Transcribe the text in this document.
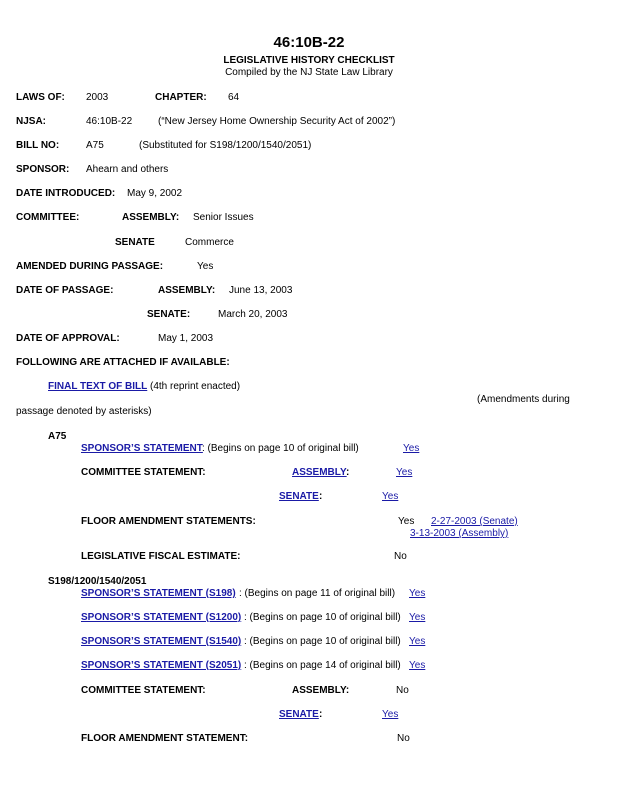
46:10B-22
LEGISLATIVE HISTORY CHECKLIST
Compiled by the NJ State Law Library
LAWS OF: 2003	CHAPTER: 64
NJSA:	46:10B-22	(“New Jersey Home Ownership Security Act of 2002”)
BILL NO:	A75	(Substituted for S198/1200/1540/2051)
SPONSOR: Ahearn and others
DATE INTRODUCED: May 9, 2002
COMMITTEE:	ASSEMBLY: Senior Issues
SENATE	Commerce
AMENDED DURING PASSAGE:	Yes
DATE OF PASSAGE:	ASSEMBLY: June 13, 2003
SENATE:	March 20, 2003
DATE OF APPROVAL:	May 1, 2003
FOLLOWING ARE ATTACHED IF AVAILABLE:
FINAL TEXT OF BILL (4th reprint enacted)
(Amendments during
passage denoted by asterisks)
A75
SPONSOR’S STATEMENT : (Begins on page 10 of original bill)	Yes
COMMITTEE STATEMENT:	ASSEMBLY :	Yes
SENATE :	Yes
FLOOR AMENDMENT STATEMENTS:	Yes 2-27-2003 (Senate)
3-13-2003 (Assembly)
LEGISLATIVE FISCAL ESTIMATE:	No
S198/1200/1540/2051
SPONSOR’S STATEMENT (S198) : (Begins on page 11 of original bill) Yes
SPONSOR’S STATEMENT (S1200) : (Begins on page 10 of original bill) Yes
SPONSOR’S STATEMENT (S1540) : (Begins on page 10 of original bill) Yes
SPONSOR’S STATEMENT (S2051) : (Begins on page 14 of original bill) Yes
COMMITTEE STATEMENT:	ASSEMBLY:	No
SENATE :	Yes
FLOOR AMENDMENT STATEMENT:	No
